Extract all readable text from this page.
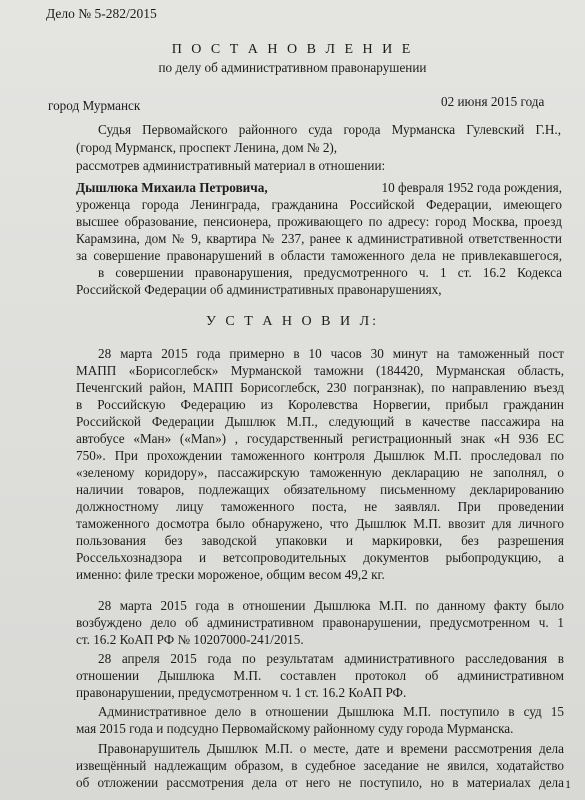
Дело № 5-282/2015
П О С Т А Н О В Л Е Н И Е
по делу об административном правонарушении
город Мурманск	02 июня 2015 года
Судья Первомайского районного суда города Мурманска Гулевский Г.Н.,
(город Мурманск, проспект Ленина, дом № 2),
рассмотрев административный материал в отношении:
Дышлюка Михаила Петровича,	10 февраля 1952 года рождения,
уроженца города Ленинграда, гражданина Российской Федерации, имеющего
высшее образование, пенсионера, проживающего по адресу: город Москва, проезд
Карамзина, дом № 9, квартира № 237, ранее к административной ответственности
за совершение правонарушений в области таможенного дела не привлекавшегося,
в совершении правонарушения, предусмотренного ч. 1 ст. 16.2 Кодекса
Российской Федерации об административных правонарушениях,
У С Т А Н О В И Л:
28 марта 2015 года примерно в 10 часов 30 минут на таможенный пост
МАПП «Борисоглебск» Мурманской таможни (184420, Мурманская область,
Печенгский район, МАПП Борисоглебск, 230 погранзнак), по направлению въезд
в Российскую Федерацию из Королевства Норвегии, прибыл гражданин
Российской Федерации Дышлюк М.П., следующий в качестве пассажира на
автобусе «Ман» («Man») , государственный регистрационный знак «Н 936 ЕС
750». При прохождении таможенного контроля Дышлюк М.П. проследовал по
«зеленому коридору», пассажирскую таможенную декларацию не заполнял, о
наличии товаров, подлежащих обязательному письменному декларированию
должностному лицу таможенного поста, не заявлял. При проведении
таможенного досмотра было обнаружено, что Дышлюк М.П. ввозит для личного
пользования без заводской упаковки и маркировки, без разрешения
Россельхознадзора и ветсопроводительных документов рыбопродукцию, а
именно: филе трески мороженое, общим весом 49,2 кг.
28 марта 2015 года в отношении Дышлюка М.П. по данному факту было
возбуждено дело об административном правонарушении, предусмотренном ч. 1
ст. 16.2 КоАП РФ № 10207000-241/2015.
28 апреля 2015 года по результатам административного расследования в
отношении Дышлюка М.П. составлен протокол об административном
правонарушении, предусмотренном ч. 1 ст. 16.2 КоАП РФ.
Административное дело в отношении Дышлюка М.П. поступило в суд 15
мая 2015 года и подсудно Первомайскому районному суду города Мурманска.
Правонарушитель Дышлюк М.П. о месте, дате и времени рассмотрения дела
извещённый надлежащим образом, в судебное заседание не явился, ходатайство
об отложении рассмотрения дела от него не поступило, но в материалах дела 1
